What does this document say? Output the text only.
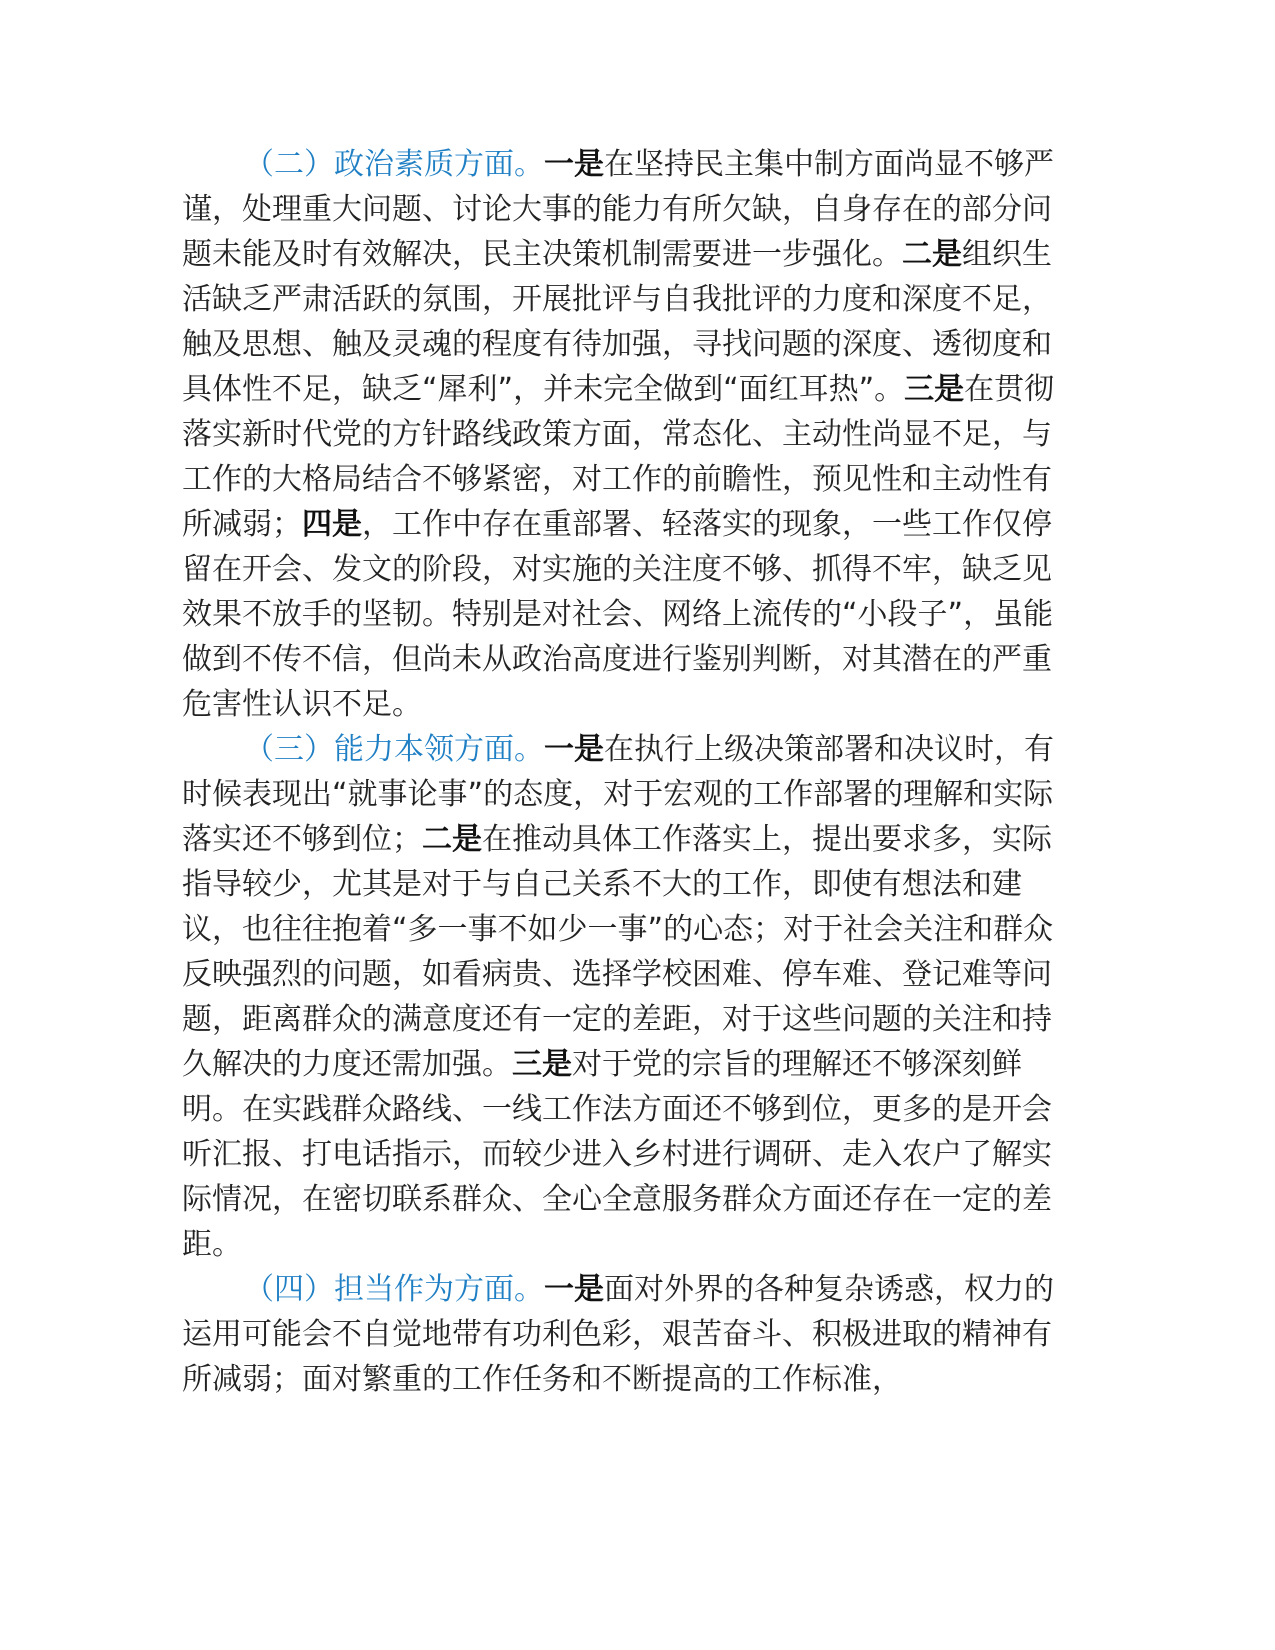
（二）政治素质方面。一是在坚持民主集中制方面尚显不够严谨，处理重大问题、讨论大事的能力有所欠缺，自身存在的部分问题未能及时有效解决，民主决策机制需要进一步强化。二是组织生活缺乏严肃活跃的氛围，开展批评与自我批评的力度和深度不足，触及思想、触及灵魂的程度有待加强，寻找问题的深度、透彻度和具体性不足，缺乏“犀利”，并未完全做到“面红耳热”。三是在贯彻落实新时代党的方针路线政策方面，常态化、主动性尚显不足，与工作的大格局结合不够紧密，对工作的前瞻性，预见性和主动性有所减弱；四是，工作中存在重部署、轻落实的现象，一些工作仅停留在开会、发文的阶段，对实施的关注度不够、抓得不牢，缺乏见效果不放手的坚韧。特别是对社会、网络上流传的“小段子”，虽能做到不传不信，但尚未从政治高度进行鉴别判断，对其潜在的严重危害性认识不足。

（三）能力本领方面。一是在执行上级决策部署和决议时，有时候表现出“就事论事”的态度，对于宏观的工作部署的理解和实际落实还不够到位；二是在推动具体工作落实上，提出要求多，实际指导较少，尤其是对于与自己关系不大的工作，即使有想法和建议，也往往抱着“多一事不如少一事”的心态；对于社会关注和群众反映强烈的问题，如看病贵、选择学校困难、停车难、登记难等问题，距离群众的满意度还有一定的差距，对于这些问题的关注和持久解决的力度还需加强。三是对于党的宗旨的理解还不够深刻鲜明。在实践群众路线、一线工作法方面还不够到位，更多的是开会听汇报、打电话指示，而较少进入乡村进行调研、走入农户了解实际情况，在密切联系群众、全心全意服务群众方面还存在一定的差距。

（四）担当作为方面。一是面对外界的各种复杂诱惑，权力的运用可能会不自觉地带有功利色彩，艰苦奋斗、积极进取的精神有所减弱；面对繁重的工作任务和不断提高的工作标准，
